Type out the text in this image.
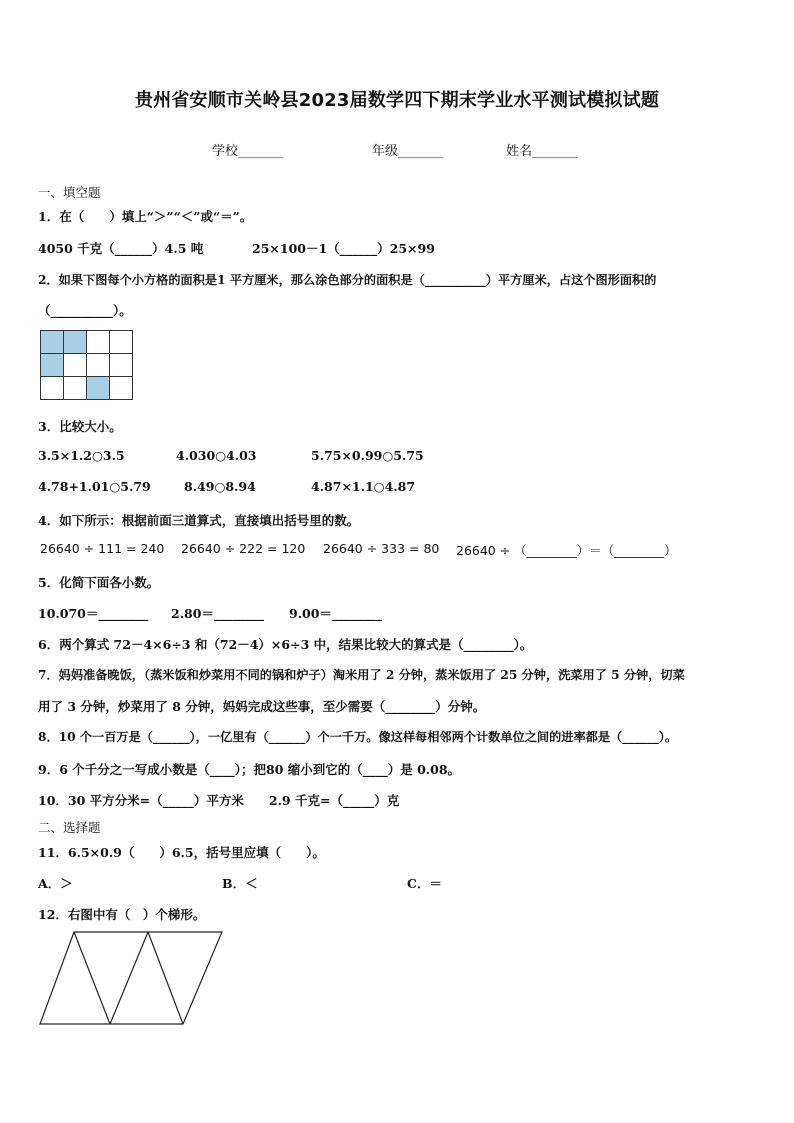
贵州省安顺市关岭县2023届数学四下期末学业水平测试模拟试题
学校_______	年级_______	姓名_______
一、填空题
1．在（　　）填上“＞”“＜”或“＝”。
4050 千克（______）4.5 吨	25×100－1（______）25×99
2．如果下图每个小方格的面积是1 平方厘米，那么涂色部分的面积是（__________）平方厘米，占这个图形面积的
（__________）。
3．比较大小。
3.5×1.2○3.5	4.030○4.03	5.75×0.99○5.75
4.78+1.01○5.79	8.49○8.94	4.87×1.1○4.87
4．如下所示：根据前面三道算式，直接填出括号里的数。
26640 ÷ 111 = 240 26640 ÷ 222 = 120 26640 ÷ 333 = 80 26640 ÷ （________）＝（________）
5．化简下面各小数。
10.070＝________ 2.80＝________ 9.00＝________
6．两个算式 72－4×6÷3 和（72－4）×6÷3 中，结果比较大的算式是（________）。
7．妈妈准备晚饭，（蒸米饭和炒菜用不同的锅和炉子）淘米用了 2 分钟，蒸米饭用了 25 分钟，洗菜用了 5 分钟，切菜
用了 3 分钟，炒菜用了 8 分钟，妈妈完成这些事，至少需要（________）分钟。
8．10 个一百万是（______），一亿里有（______）个一千万。像这样每相邻两个计数单位之间的进率都是（______）。
9．6 个千分之一写成小数是（____）；把80 缩小到它的（____）是 0.08。
10．30 平方分米=（_____）平方米　　2.9 千克=（_____）克
二、选择题
11．6.5×0.9（　　）6.5，括号里应填（　　）。
A．＞	B．＜	C．＝
12．右图中有（　）个梯形。
